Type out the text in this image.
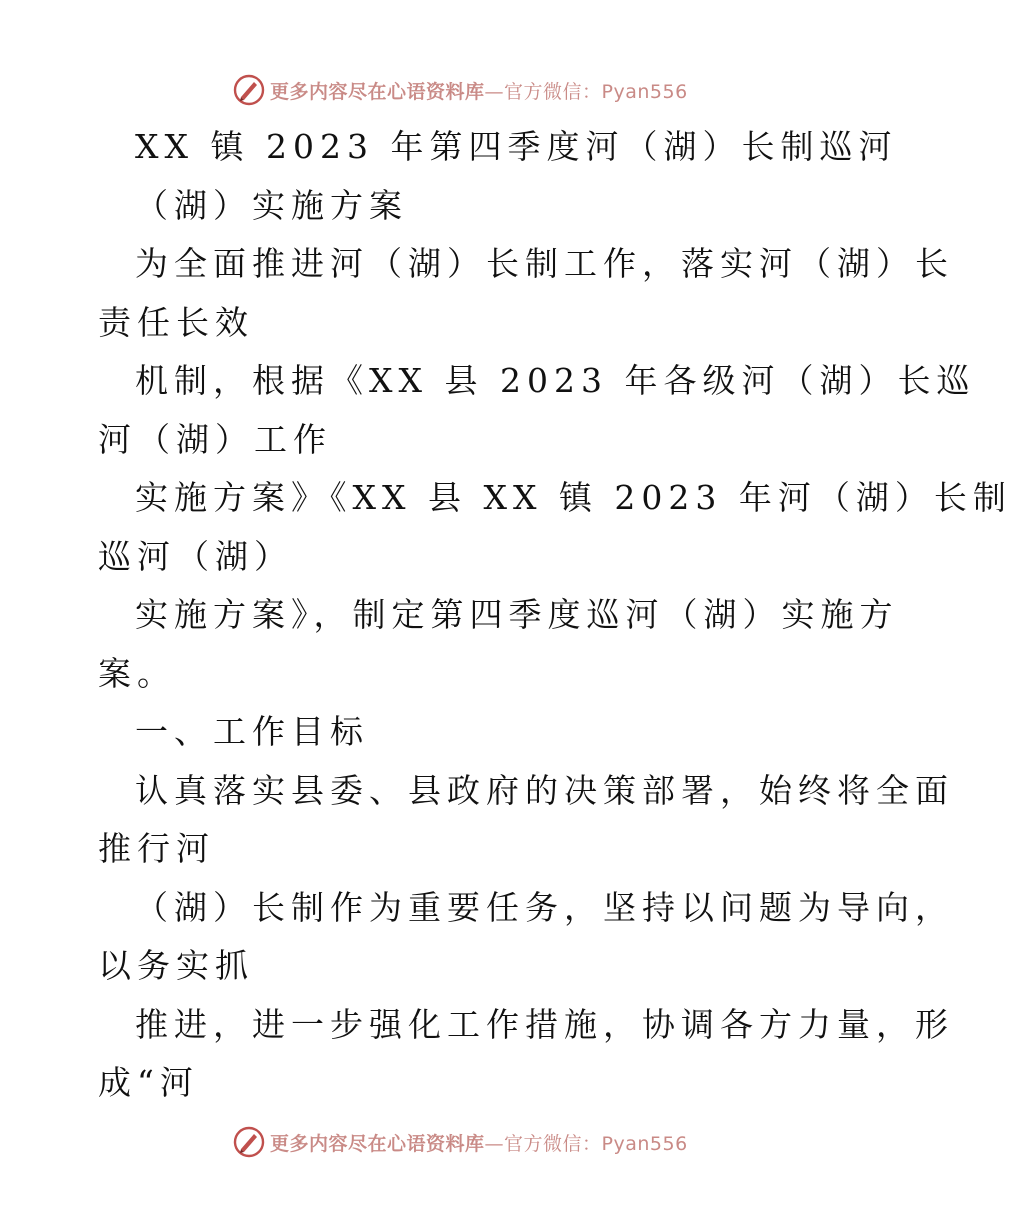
更多内容尽在心语资料库—官方微信：Pyan556
XX 镇 2023 年第四季度河（湖）长制巡河
（湖）实施方案
为全面推进河（湖）长制工作，落实河（湖）长
责任长效
机制，根据《XX 县 2023 年各级河（湖）长巡
河（湖）工作
实施方案》《XX 县 XX 镇 2023 年河（湖）长制
巡河（湖）
实施方案》，制定第四季度巡河（湖）实施方
案。
一、工作目标
认真落实县委、县政府的决策部署，始终将全面
推行河
（湖）长制作为重要任务，坚持以问题为导向，
以务实抓
推进，进一步强化工作措施，协调各方力量，形
成“河
更多内容尽在心语资料库—官方微信：Pyan556
